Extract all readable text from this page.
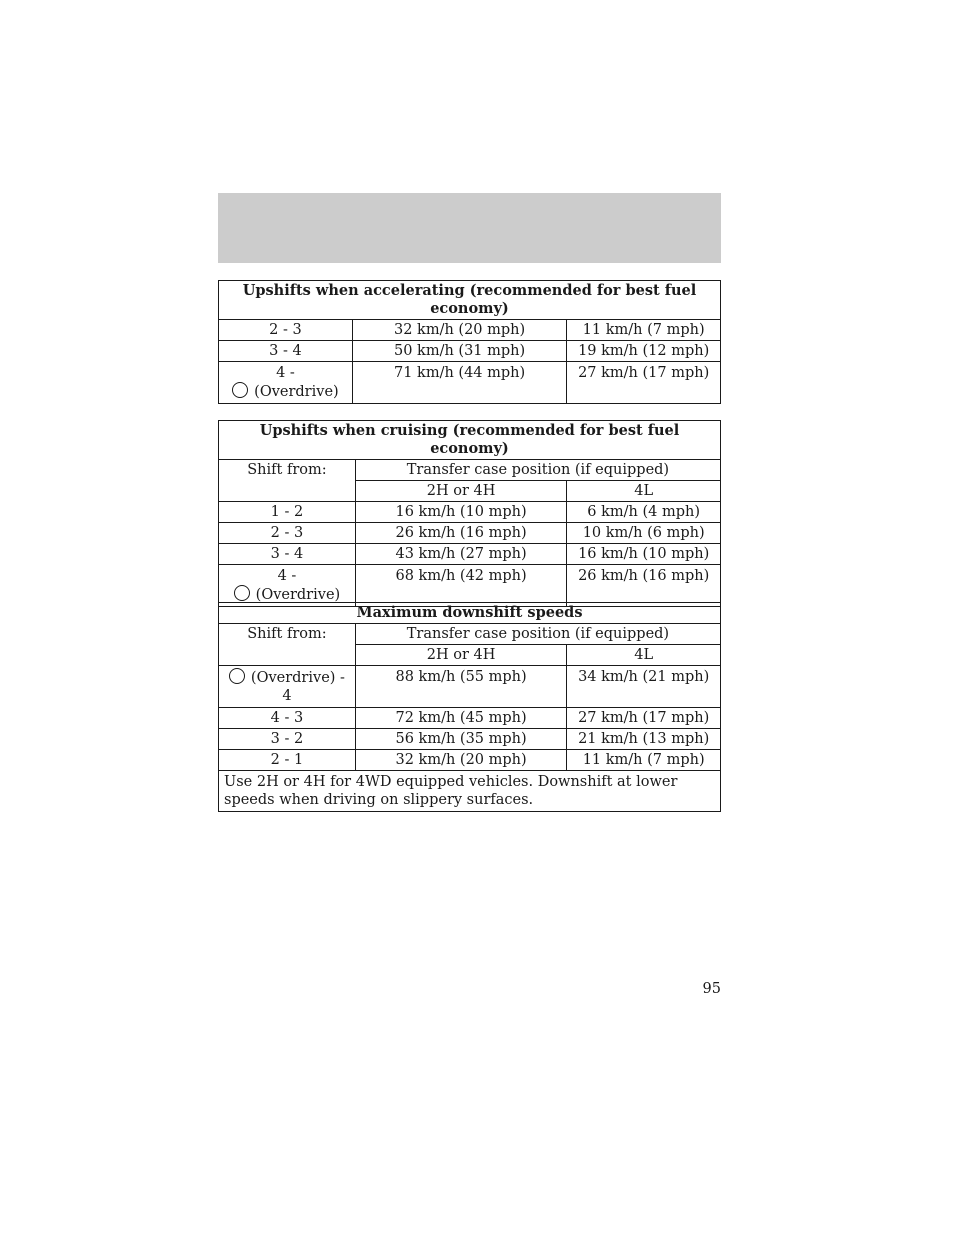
Upshifts when accelerating (recommended for best fuel economy)		
2 - 3	32 km/h (20 mph)	11 km/h (7 mph)
3 - 4	50 km/h (31 mph)	19 km/h (12 mph)

4 -
(Overdrive)	71 km/h (44 mph)	27 km/h (17 mph)
Upshifts when cruising (recommended for best fuel economy)		
Shift from:	Transfer case position (if equipped)	
	2H or 4H	4L
1 - 2	16 km/h (10 mph)	6 km/h (4 mph)
2 - 3	26 km/h (16 mph)	10 km/h (6 mph)
3 - 4	43 km/h (27 mph)	16 km/h (10 mph)

4 -
(Overdrive)	68 km/h (42 mph)	26 km/h (16 mph)
Maximum downshift speeds		
Shift from:	Transfer case position (if equipped)	
	2H or 4H	4L

(Overdrive) -
4	88 km/h (55 mph)	34 km/h (21 mph)
4 - 3	72 km/h (45 mph)	27 km/h (17 mph)
3 - 2	56 km/h (35 mph)	21 km/h (13 mph)
2 - 1	32 km/h (20 mph)	11 km/h (7 mph)
Use 2H or 4H for 4WD equipped vehicles. Downshift at lower speeds when driving on slippery surfaces.		
95
